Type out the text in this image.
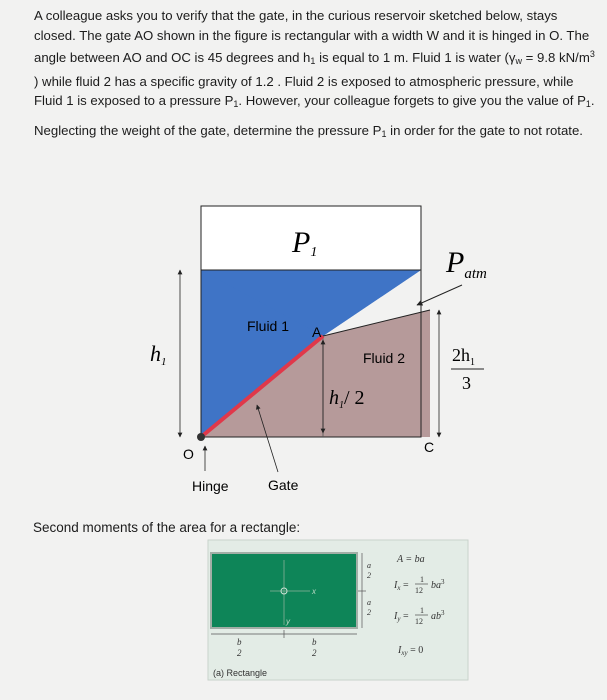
A colleague asks you to verify that the gate, in the curious reservoir sketched below, stays closed. The gate AO shown in the figure is rectangular with a width W and it is hinged in O. The angle between AO and OC is 45 degrees and $h_1$ is equal to 1 m. Fluid 1 is water ($\gamma_w = 9.8$ $kN/m^3$ ) while fluid 2 has a specific gravity of 1.2 . Fluid 2 is exposed to atmospheric pressure, while Fluid 1 is exposed to a pressure $P_1$. However, your colleague forgets to give you the value of $P_1$.

Neglecting the weight of the gate, determine the pressure $P_1$ in order for the gate to not rotate.

P1	$P_{atm}$
Fluid 1 A
Fluid 2
O	C
h1
$h_1/$ 2
$2h_1$
3
Hinge	Gate
x
y
a
2
a
2
b
2
b
2
(a) Rectangle
A = ba
$I_x$ =
1
12 $ba^3$
$I_y$ =
1
12 $ab^3$
$I_{xy} = 0$
Second moments of the area for a rectangle:
